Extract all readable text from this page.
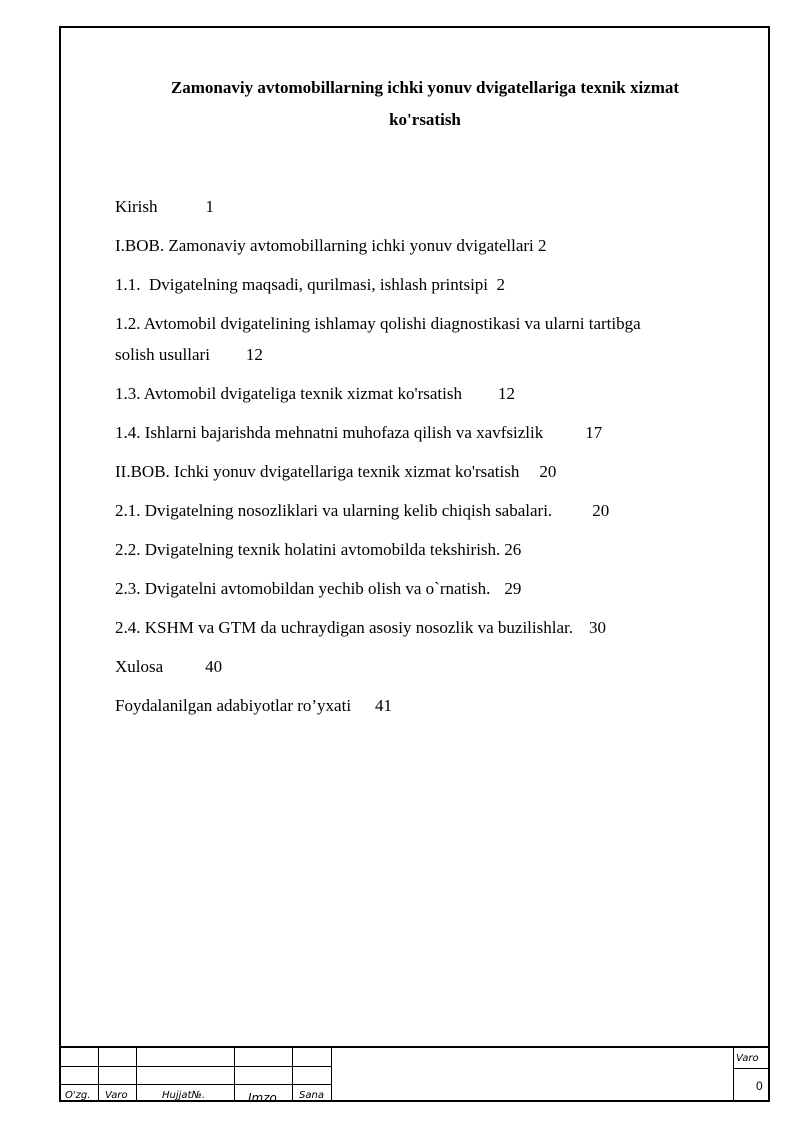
Zamonaviy avtomobillarning ichki yonuv dvigatellariga texnik xizmat
ko'rsatish
Kirish	1
I.BOB. Zamonaviy avtomobillarning ichki yonuv dvigatellari 2
1.1.  Dvigatelning maqsadi, qurilmasi, ishlash printsipi 2
1.2. Avtomobil dvigatelining ishlamay qolishi diagnostikasi va ularni tartibga
solish usullari 12
1.3. Avtomobil dvigateliga texnik xizmat ko'rsatish 12
1.4. Ishlarni bajarishda mehnatni muhofaza qilish va xavfsizlik 17
II.BOB. Ichki yonuv dvigatellariga texnik xizmat ko'rsatish 20
2.1. Dvigatelning nosozliklari va ularning kelib chiqish sabalari. 20
2.2. Dvigatelning texnik holatini avtomobilda tekshirish. 26
2.3. Dvigatelni avtomobildan yechib olish va o`rnatish. 29
2.4. KSHM va GTM da uchraydigan asosiy nosozlik va buzilishlar. 30
Xulosa 40
Foydalanilgan adabiyotlar ro’yxati 41
O'zg. Varo	Hujjat№.	Imzo Sana
Varo
0
